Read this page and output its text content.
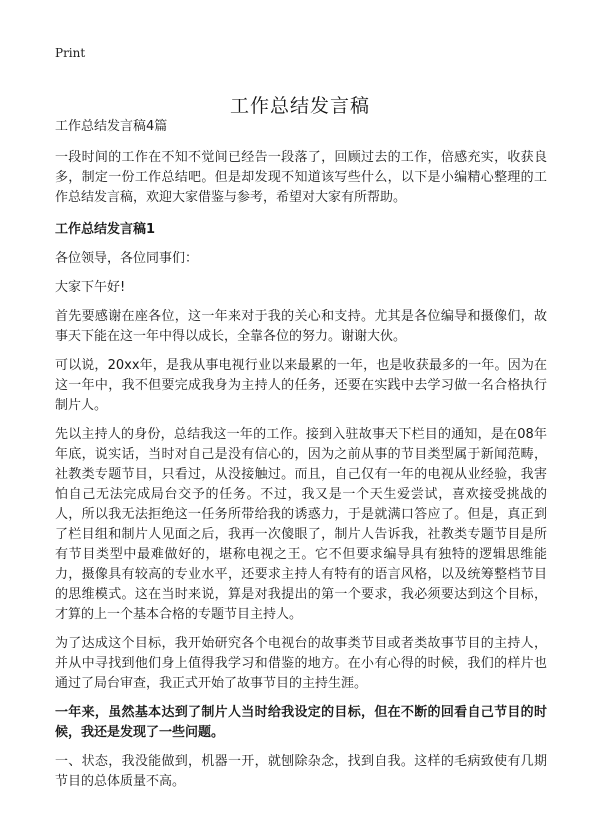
Print
工作总结发言稿

工作总结发言稿4篇

一段时间的工作在不知不觉间已经告一段落了，回顾过去的工作，倍感充实，收获良多，制定一份工作总结吧。但是却发现不知道该写些什么，以下是小编精心整理的工作总结发言稿，欢迎大家借鉴与参考，希望对大家有所帮助。

工作总结发言稿1

各位领导，各位同事们：

大家下午好!

首先要感谢在座各位，这一年来对于我的关心和支持。尤其是各位编导和摄像们，故事天下能在这一年中得以成长，全靠各位的努力。谢谢大伙。

可以说，20xx年，是我从事电视行业以来最累的一年，也是收获最多的一年。因为在这一年中，我不但要完成我身为主持人的任务，还要在实践中去学习做一名合格执行制片人。

先以主持人的身份，总结我这一年的工作。接到入驻故事天下栏目的通知，是在08年年底，说实话，当时对自己是没有信心的，因为之前从事的节目类型属于新闻范畴，社教类专题节目，只看过，从没接触过。而且，自己仅有一年的电视从业经验，我害怕自己无法完成局台交予的任务。不过，我又是一个天生爱尝试，喜欢接受挑战的人，所以我无法拒绝这一任务所带给我的诱惑力，于是就满口答应了。但是，真正到了栏目组和制片人见面之后，我再一次傻眼了，制片人告诉我，社教类专题节目是所有节目类型中最难做好的，堪称电视之王。它不但要求编导具有独特的逻辑思维能力，摄像具有较高的专业水平，还要求主持人有特有的语言风格，以及统筹整档节目的思维模式。这在当时来说，算是对我提出的第一个要求，我必须要达到这个目标，才算的上一个基本合格的专题节目主持人。

为了达成这个目标，我开始研究各个电视台的故事类节目或者类故事节目的主持人，并从中寻找到他们身上值得我学习和借鉴的地方。在小有心得的时候，我们的样片也通过了局台审查，我正式开始了故事节目的主持生涯。

一年来，虽然基本达到了制片人当时给我设定的目标，但在不断的回看自己节目的时候，我还是发现了一些问题。

一、状态，我没能做到，机器一开，就刨除杂念，找到自我。这样的毛病致使有几期节目的总体质量不高。
